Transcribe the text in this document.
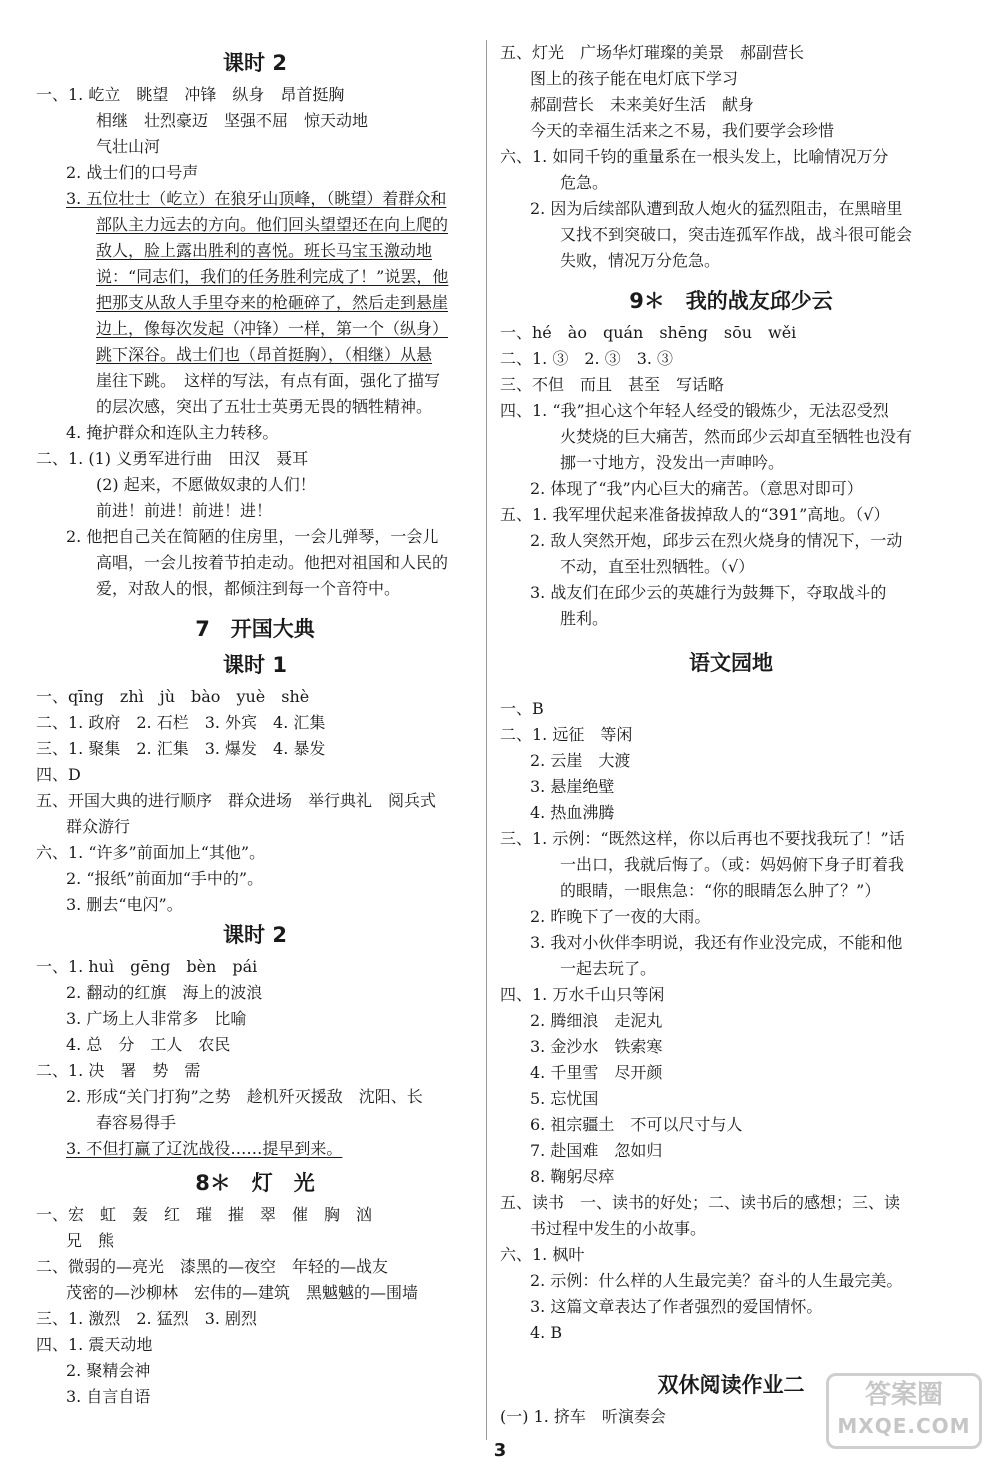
课时 2
一、1. 屹立　眺望　冲锋　纵身　昂首挺胸
相继　壮烈豪迈　坚强不屈　惊天动地
气壮山河
2. 战士们的口号声
3. 五位壮士（屹立）在狼牙山顶峰，（眺望）着群众和
部队主力远去的方向。他们回头望望还在向上爬的
敌人，脸上露出胜利的喜悦。班长马宝玉激动地
说：“同志们，我们的任务胜利完成了！”说罢，他
把那支从敌人手里夺来的枪砸碎了，然后走到悬崖
边上，像每次发起（冲锋）一样，第一个（纵身）
跳下深谷。战士们也（昂首挺胸），（相继）从悬
崖往下跳。　这样的写法，有点有面，强化了描写
的层次感，突出了五壮士英勇无畏的牺牲精神。
4. 掩护群众和连队主力转移。
二、1. (1) 义勇军进行曲　田汉　聂耳
(2) 起来，不愿做奴隶的人们！
前进！前进！前进！进！
2. 他把自己关在简陋的住房里，一会儿弹琴，一会儿
高唱，一会儿按着节拍走动。他把对祖国和人民的
爱，对敌人的恨，都倾注到每一个音符中。
7　开国大典
课时 1
一、qīng　zhì　jù　bào　yuè　shè
二、1. 政府　2. 石栏　3. 外宾　4. 汇集
三、1. 聚集　2. 汇集　3. 爆发　4. 暴发
四、D
五、开国大典的进行顺序　群众进场　举行典礼　阅兵式
群众游行
六、1. “许多”前面加上“其他”。
2. “报纸”前面加“手中的”。
3. 删去“电闪”。
课时 2
一、1. huì　gēng　bèn　pái
2. 翻动的红旗　海上的波浪
3. 广场上人非常多　比喻
4. 总　分　工人　农民
二、1. 决　署　势　需
2. 形成“关门打狗”之势　趁机歼灭援敌　沈阳、长
春容易得手
3. 不但打赢了辽沈战役……提早到来。
8＊　灯　光
一、宏　虹　轰　红　璀　摧　翠　催　胸　汹
兄　熊
二、微弱的—亮光　漆黑的—夜空　年轻的—战友
茂密的—沙柳林　宏伟的—建筑　黑魆魆的—围墙
三、1. 激烈　2. 猛烈　3. 剧烈
四、1. 震天动地
2. 聚精会神
3. 自言自语
五、灯光　广场华灯璀璨的美景　郝副营长
图上的孩子能在电灯底下学习
郝副营长　未来美好生活　献身
今天的幸福生活来之不易，我们要学会珍惜
六、1. 如同千钧的重量系在一根头发上，比喻情况万分
危急。
2. 因为后续部队遭到敌人炮火的猛烈阻击，在黑暗里
又找不到突破口，突击连孤军作战，战斗很可能会
失败，情况万分危急。
9＊　我的战友邱少云
一、hé　ào　quán　shēng　sōu　wěi
二、1. ③　2. ③　3. ③
三、不但　而且　甚至　写话略
四、1. “我”担心这个年轻人经受的锻炼少，无法忍受烈
火焚烧的巨大痛苦，然而邱少云却直至牺牲也没有
挪一寸地方，没发出一声呻吟。
2. 体现了“我”内心巨大的痛苦。（意思对即可）
五、1. 我军埋伏起来准备拔掉敌人的“391”高地。（√）
2. 敌人突然开炮，邱步云在烈火烧身的情况下，一动
不动，直至壮烈牺牲。（√）
3. 战友们在邱少云的英雄行为鼓舞下，夺取战斗的
胜利。
语文园地
一、B
二、1. 远征　等闲
2. 云崖　大渡
3. 悬崖绝壁
4. 热血沸腾
三、1. 示例：“既然这样，你以后再也不要找我玩了！”话
一出口，我就后悔了。（或：妈妈俯下身子盯着我
的眼睛，一眼焦急：“你的眼睛怎么肿了？”）
2. 昨晚下了一夜的大雨。
3. 我对小伙伴李明说，我还有作业没完成，不能和他
一起去玩了。
四、1. 万水千山只等闲
2. 腾细浪　走泥丸
3. 金沙水　铁索寒
4. 千里雪　尽开颜
5. 忘忧国
6. 祖宗疆土　不可以尺寸与人
7. 赴国难　忽如归
8. 鞠躬尽瘁
五、读书　一、读书的好处；二、读书后的感想；三、读
书过程中发生的小故事。
六、1. 枫叶
2. 示例：什么样的人生最完美？奋斗的人生最完美。
3. 这篇文章表达了作者强烈的爱国情怀。
4. B
双休阅读作业二
(一) 1. 挤车　听演奏会
答案圈
MXQE.COM
3
